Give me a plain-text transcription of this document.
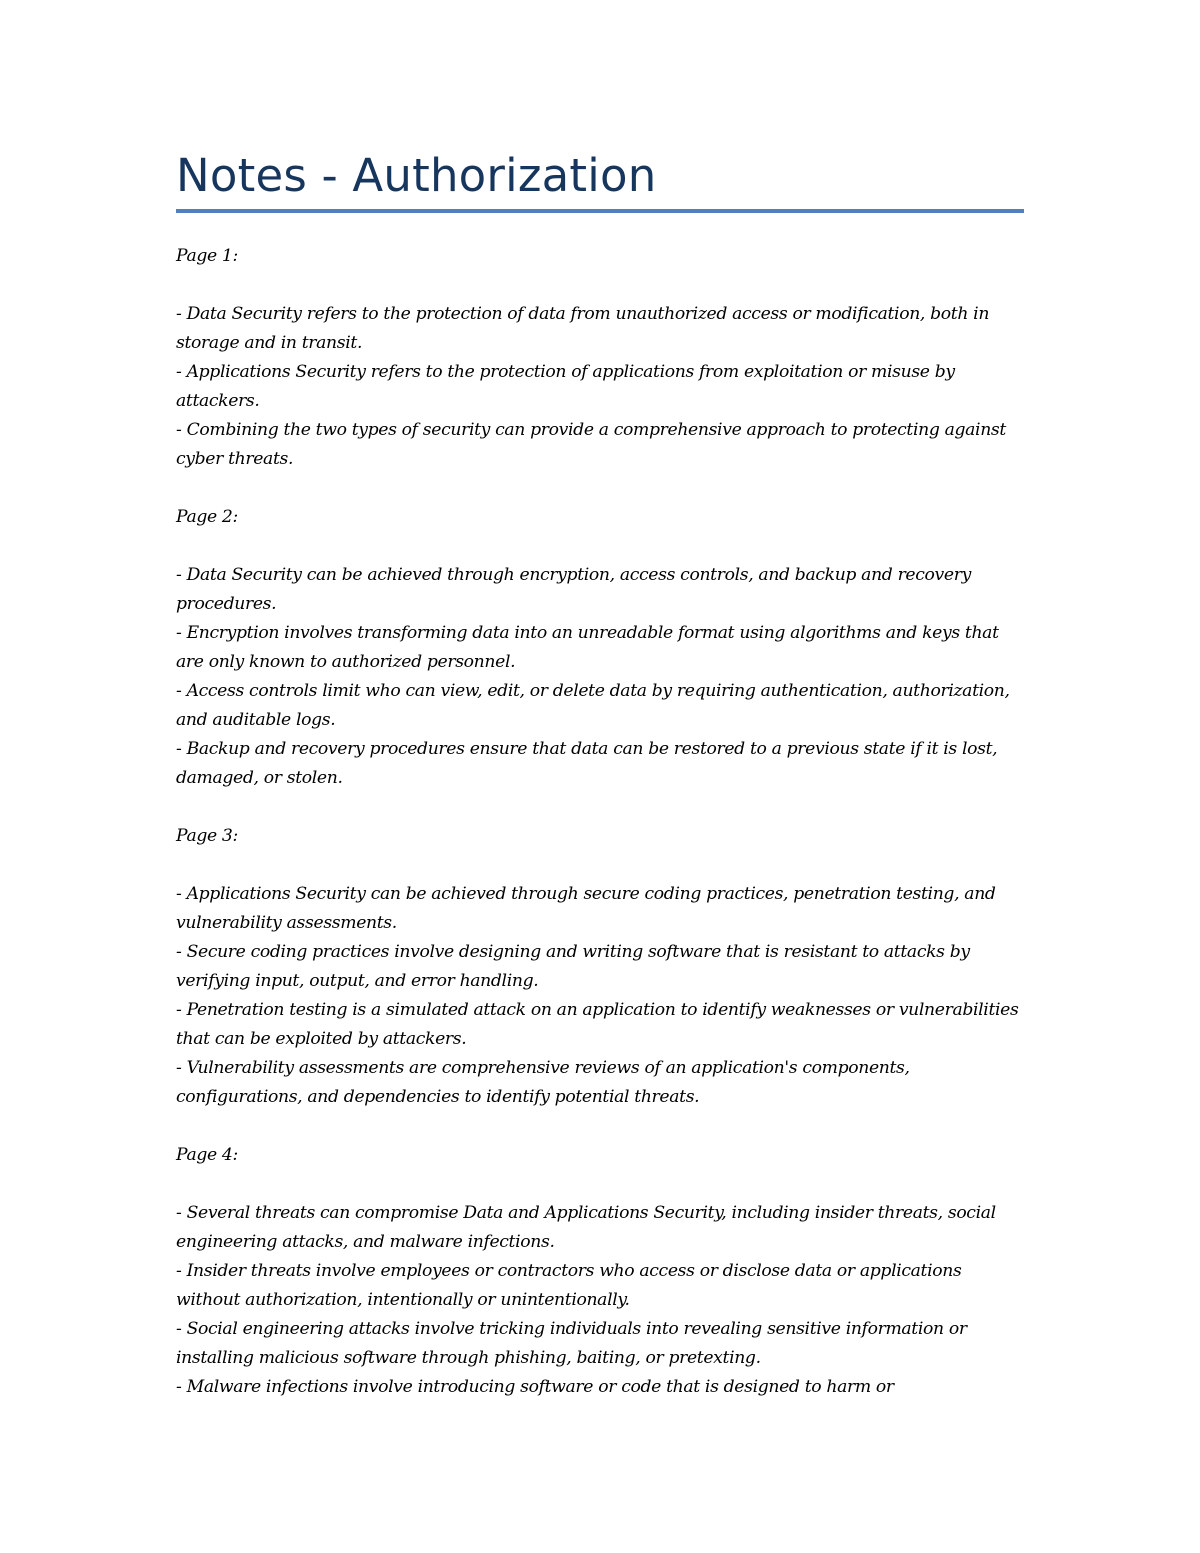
Notes - Authorization

Page 1:

- Data Security refers to the protection of data from unauthorized access or modification, both in storage and in transit.
- Applications Security refers to the protection of applications from exploitation or misuse by attackers.
- Combining the two types of security can provide a comprehensive approach to protecting against cyber threats.

Page 2:

- Data Security can be achieved through encryption, access controls, and backup and recovery procedures.
- Encryption involves transforming data into an unreadable format using algorithms and keys that are only known to authorized personnel.
- Access controls limit who can view, edit, or delete data by requiring authentication, authorization, and auditable logs.
- Backup and recovery procedures ensure that data can be restored to a previous state if it is lost, damaged, or stolen.

Page 3:

- Applications Security can be achieved through secure coding practices, penetration testing, and vulnerability assessments.
- Secure coding practices involve designing and writing software that is resistant to attacks by verifying input, output, and error handling.
- Penetration testing is a simulated attack on an application to identify weaknesses or vulnerabilities that can be exploited by attackers.
- Vulnerability assessments are comprehensive reviews of an application's components, configurations, and dependencies to identify potential threats.

Page 4:

- Several threats can compromise Data and Applications Security, including insider threats, social engineering attacks, and malware infections.
- Insider threats involve employees or contractors who access or disclose data or applications without authorization, intentionally or unintentionally.
- Social engineering attacks involve tricking individuals into revealing sensitive information or installing malicious software through phishing, baiting, or pretexting.
- Malware infections involve introducing software or code that is designed to harm or
